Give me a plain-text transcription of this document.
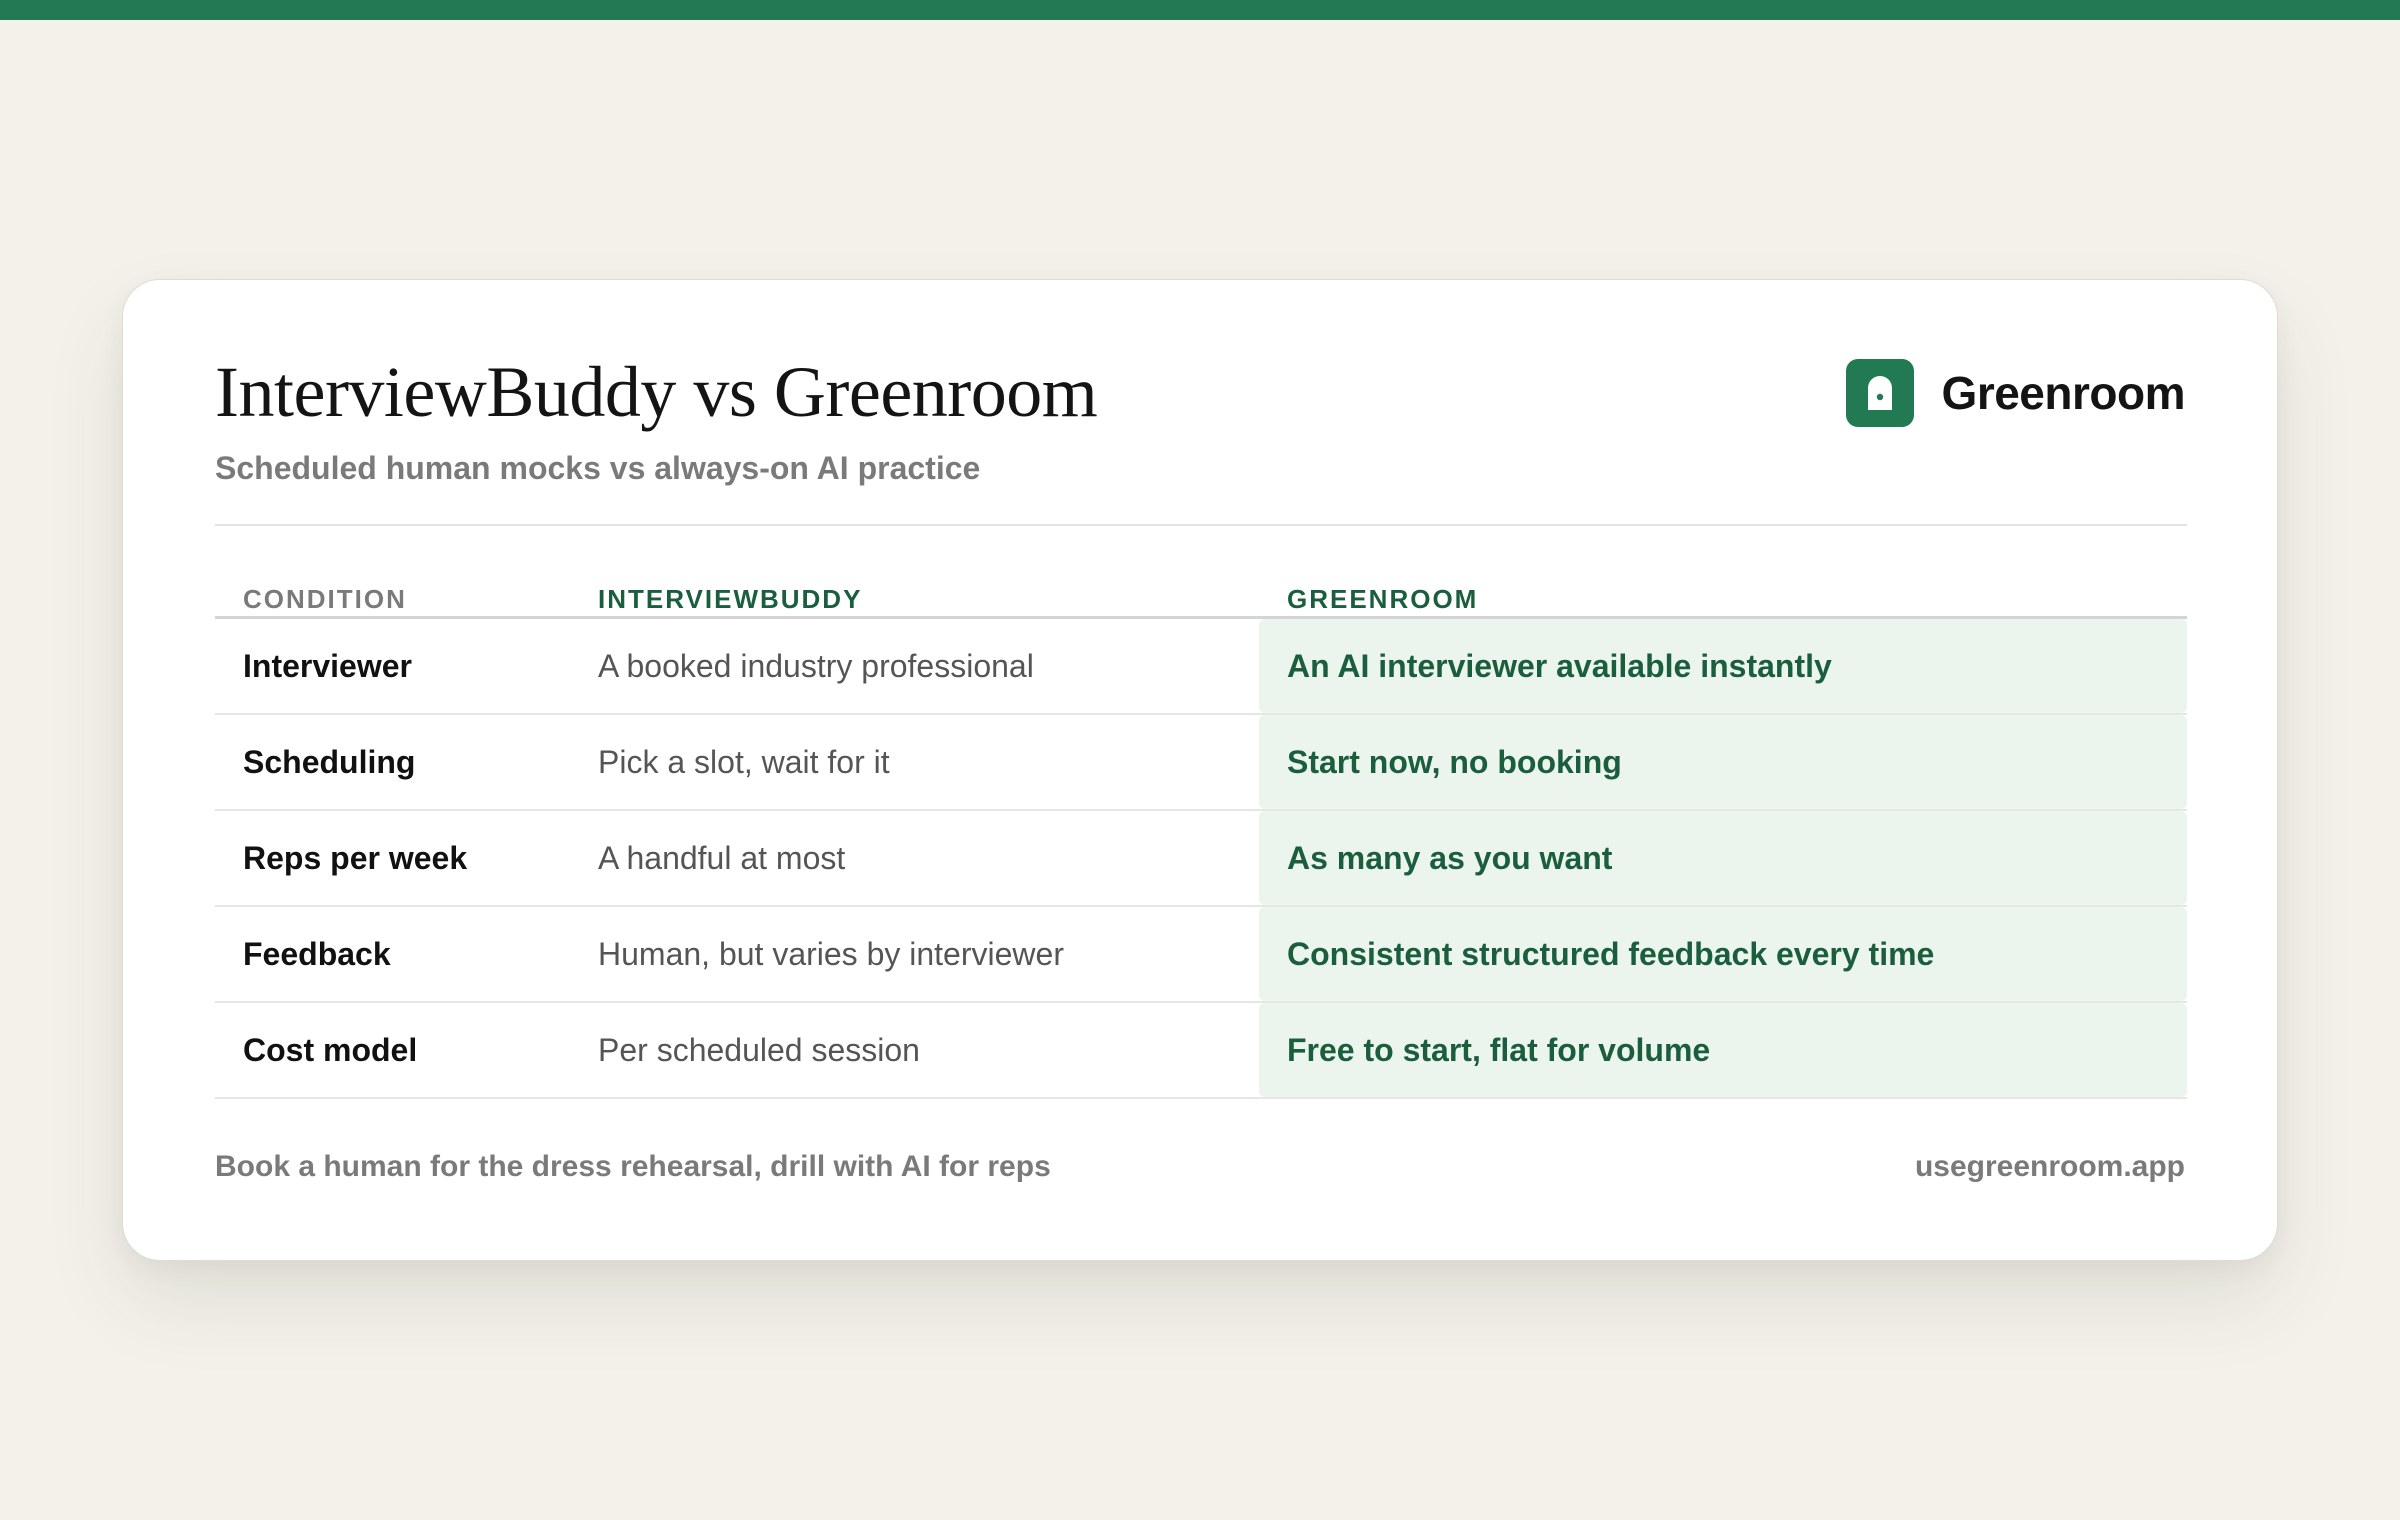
InterviewBuddy vs Greenroom
Scheduled human mocks vs always-on AI practice
Greenroom
CONDITION	INTERVIEWBUDDY	GREENROOM
Interviewer	A booked industry professional	An AI interviewer available instantly
Scheduling	Pick a slot, wait for it	Start now, no booking
Reps per week	A handful at most	As many as you want
Feedback	Human, but varies by interviewer	Consistent structured feedback every time
Cost model	Per scheduled session	Free to start, flat for volume
Book a human for the dress rehearsal, drill with AI for reps	usegreenroom.app
